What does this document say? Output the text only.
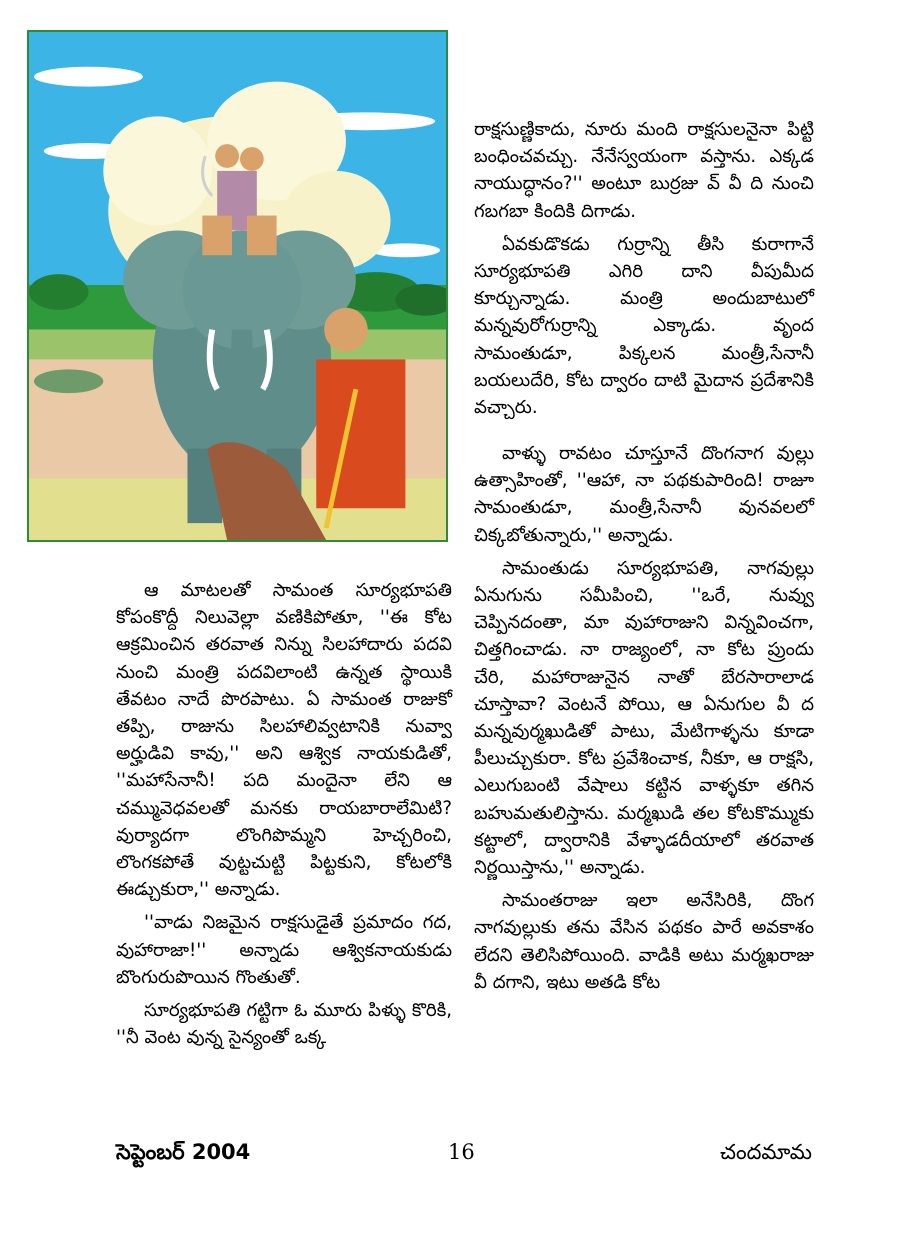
రాక్షసుణ్ణికాదు, నూరు మంది రాక్షసులనైనా పిట్టి బంధించవచ్చు. నేనేస్వయంగా వస్తాను. ఎక్కడ నాయుద్ధానం?'' అంటూ బుర్రజు వ్ వీ ది నుంచి గబగబా కిందికి దిగాడు.

ఏవకుడొకడు గుర్రాన్ని తీసి కురాగానే సూర్యభూపతి ఎగిరి దాని వీపుమీద కూర్చున్నాడు. మంత్రి అందుబాటులో మన్నవురోగుర్రాన్ని ఎక్కాడు. వృంద సామంతుడూ, పిక్కలన మంత్రీ,సేనానీ బయలుదేరి, కోట ద్వారం దాటి మైదాన ప్రదేశానికి వచ్చారు.

వాళ్ళు రావటం చూస్తూనే దొంగనాగ వుల్లు ఉత్సాహింతో, ''ఆహా, నా పథకుపారింది! రాజూ సామంతుడూ, మంత్రీ,సేనానీ వునవలలో చిక్కబోతున్నారు,'' అన్నాడు.

సామంతుడు సూర్యభూపతి, నాగవుల్లు ఏనుగును సమీపించి, ''ఒరే, నువ్వు చెప్పినదంతా, మా వుహారాజుని విన్నవించగా, చిత్తగించాడు. నా రాజ్యంలో, నా కోట ప్రుందు చేరి, మహారాజునైన నాతో బేరసారాలాడ చూస్తావా? వెంటనే పోయి, ఆ ఏనుగుల వీ ద మన్నవుర్మఖుడితో పాటు, మేటిగాళ్ళను కూడా పీలుచ్చుకురా. కోట ప్రవేశించాక, నీకూ, ఆ రాక్షసి, ఎలుగుబంటి వేషాలు కట్టిన వాళ్ళకూ తగిన బహుమతులిస్తాను. మర్మఖుడి తల కోటకొమ్ముకు కట్టాలో, ద్వారానికి వేళ్ళాడదీయాలో తరవాత నిర్ణయిస్తాను,'' అన్నాడు.

సామంతరాజు ఇలా అనేసిరికి, దొంగ నాగవుల్లుకు తను వేసిన పథకం పారే అవకాశం లేదని తెలిసిపోయింది. వాడికి అటు మర్మఖరాజు వీ దగాని, ఇటు అతడి కోట

ఆ మాటలతో సామంత సూర్యభూపతి కోపంకొద్దీ నిలువెల్లా వణికిపోతూ, ''ఈ కోట ఆక్రమించిన తరవాత నిన్ను సిలహాదారు పదవి నుంచి మంత్రి పదవిలాంటి ఉన్నత స్థాయికి తేవటం నాదే పొరపాటు. ఏ సామంత రాజుకో తప్పి, రాజును సిలహాలివ్వటానికి నువ్వా అర్హుడివి కావు,'' అని ఆశ్విక నాయకుడితో, ''మహాసేనానీ! పది మందైనా లేని ఆ చమ్మువెధవలతో మనకు రాయబారాలేమిటి? వుర్యాదగా లొంగిపొమ్మని హెచ్చరించి, లొంగకపోతే వుట్టచుట్టి పిట్టకుని, కోటలోకి ఈడ్చుకురా,'' అన్నాడు.

''వాడు నిజమైన రాక్షసుడైతే ప్రమాదం గద, వుహారాజా!'' అన్నాడు ఆశ్వికనాయకుడు బొంగురుపొయిన గొంతుతో.

సూర్యభూపతి గట్టిగా ఓ మూరు పిళ్ళు కొరికి, ''నీ వెంట వున్న సైన్యంతో ఒక్క

సెప్టెంబర్ 2004	16	చందమామ
